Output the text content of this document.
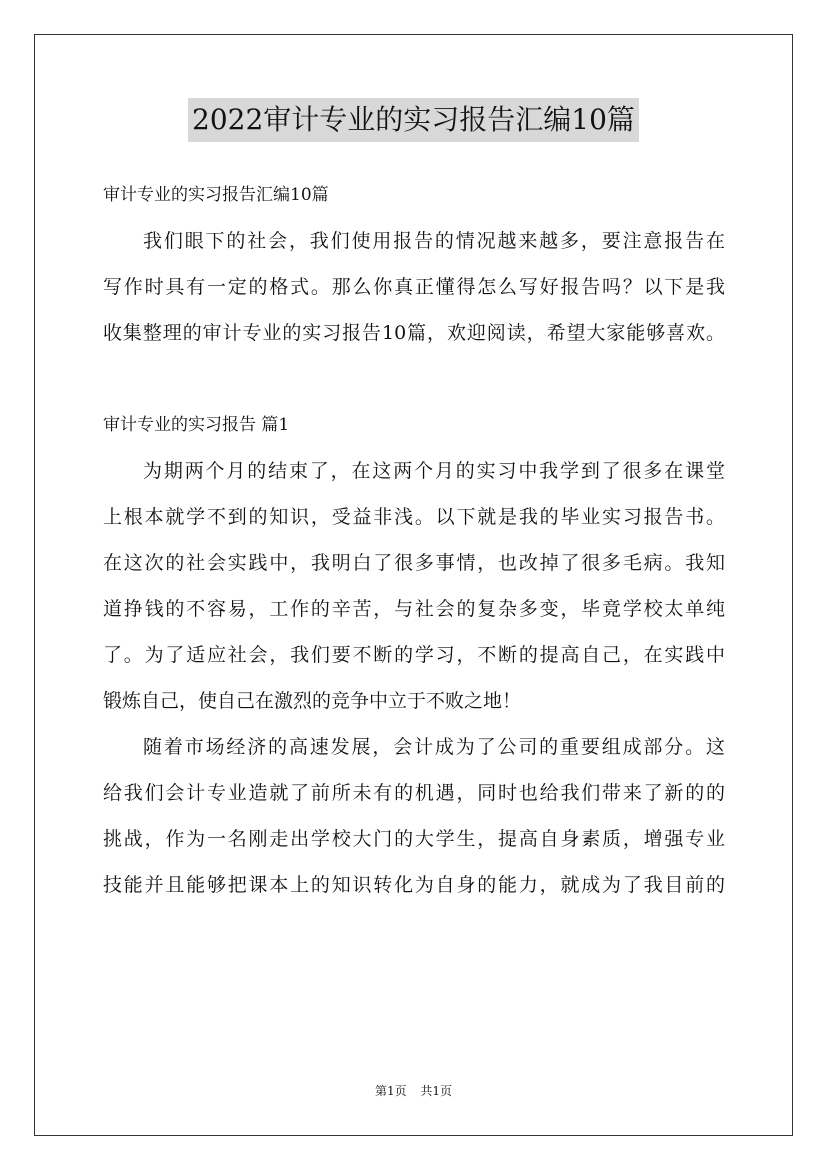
2022审计专业的实习报告汇编10篇
审计专业的实习报告汇编10篇
我们眼下的社会，我们使用报告的情况越来越多，要注意报告在
写作时具有一定的格式。那么你真正懂得怎么写好报告吗？以下是我
收集整理的审计专业的实习报告10篇，欢迎阅读，希望大家能够喜欢。
审计专业的实习报告 篇1
为期两个月的结束了，在这两个月的实习中我学到了很多在课堂
上根本就学不到的知识，受益非浅。以下就是我的毕业实习报告书。
在这次的社会实践中，我明白了很多事情，也改掉了很多毛病。我知
道挣钱的不容易，工作的辛苦，与社会的复杂多变，毕竟学校太单纯
了。为了适应社会，我们要不断的学习，不断的提高自己，在实践中
锻炼自己，使自己在激烈的竞争中立于不败之地！
随着市场经济的高速发展，会计成为了公司的重要组成部分。这
给我们会计专业造就了前所未有的机遇，同时也给我们带来了新的的
挑战，作为一名刚走出学校大门的大学生，提高自身素质，增强专业
技能并且能够把课本上的知识转化为自身的能力，就成为了我目前的
第1页 共1页
